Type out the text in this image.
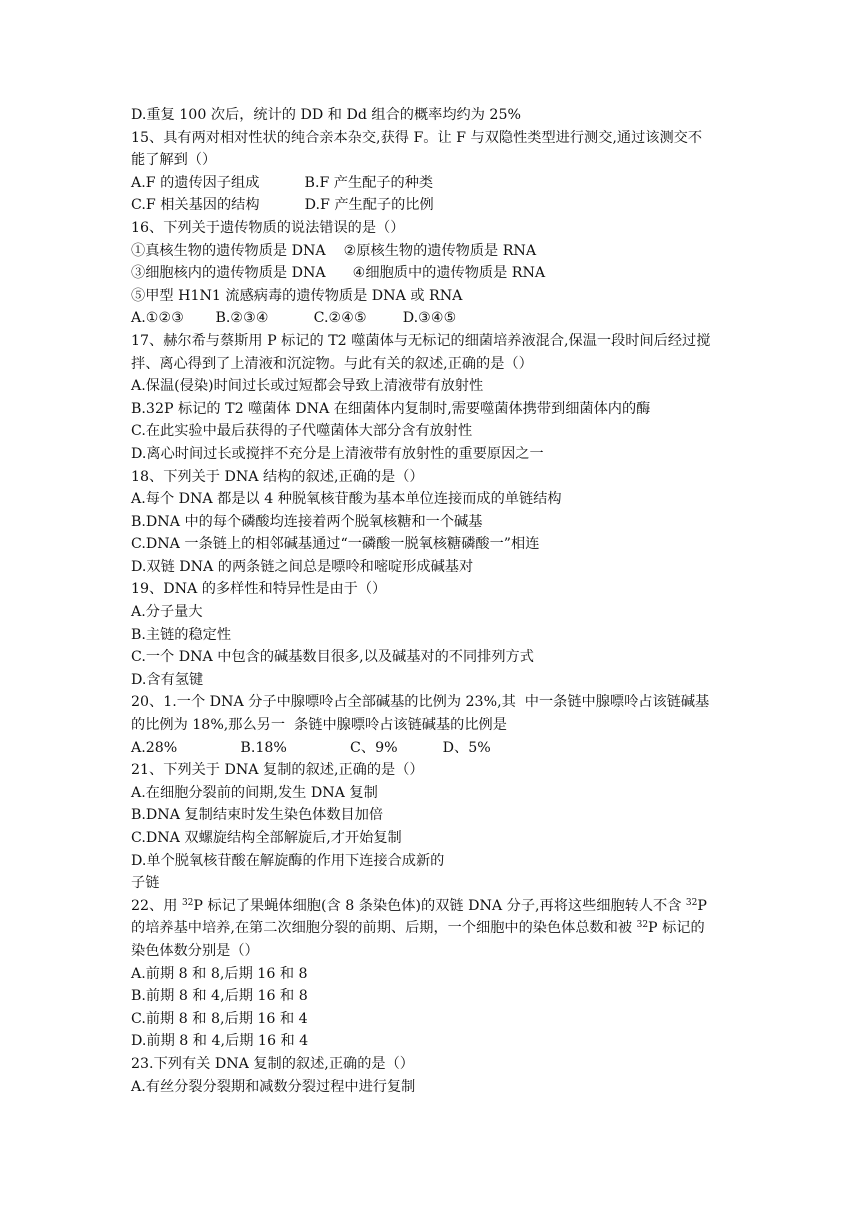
D.重复 100 次后，统计的 DD 和 Dd 组合的概率均约为 25%
15、具有两对相对性状的纯合亲本杂交,获得 F。让 F 与双隐性类型进行测交,通过该测交不
能了解到（）
A.F 的遗传因子组成          B.F 产生配子的种类
C.F 相关基因的结构          D.F 产生配子的比例
16、下列关于遗传物质的说法错误的是（）
①真核生物的遗传物质是 DNA    ②原核生物的遗传物质是 RNA
③细胞核内的遗传物质是 DNA      ④细胞质中的遗传物质是 RNA
⑤甲型 H1N1 流感病毒的遗传物质是 DNA 或 RNA
A.①②③       B.②③④          C.②④⑤        D.③④⑤
17、赫尔希与蔡斯用 P 标记的 T2 噬菌体与无标记的细菌培养液混合,保温一段时间后经过搅
拌、离心得到了上清液和沉淀物。与此有关的叙述,正确的是（）
A.保温(侵染)时间过长或过短都会导致上清液带有放射性
B.32P 标记的 T2 噬菌体 DNA 在细菌体内复制时,需要噬菌体携带到细菌体内的酶
C.在此实验中最后获得的子代噬菌体大部分含有放射性
D.离心时间过长或搅拌不充分是上清液带有放射性的重要原因之一
18、下列关于 DNA 结构的叙述,正确的是（）
A.每个 DNA 都是以 4 种脱氧核苷酸为基本单位连接而成的单链结构
B.DNA 中的每个磷酸均连接着两个脱氧核糖和一个碱基
C.DNA 一条链上的相邻碱基通过“一磷酸一脱氧核糖磷酸一”相连
D.双链 DNA 的两条链之间总是嘌呤和嘧啶形成碱基对
19、DNA 的多样性和特异性是由于（）
A.分子量大
B.主链的稳定性
C.一个 DNA 中包含的碱基数目很多,以及碱基对的不同排列方式
D.含有氢键
20、1.一个 DNA 分子中腺嘌呤占全部碱基的比例为 23%,其  中一条链中腺嘌呤占该链碱基
的比例为 18%,那么另一  条链中腺嘌呤占该链碱基的比例是
A.28%              B.18%              C、9%          D、5%
21、下列关于 DNA 复制的叙述,正确的是（）
A.在细胞分裂前的间期,发生 DNA 复制
B.DNA 复制结束时发生染色体数目加倍
C.DNA 双螺旋结构全部解旋后,才开始复制
D.单个脱氧核苷酸在解旋酶的作用下连接合成新的
子链
22、用 $^{32}$P 标记了果蝇体细胞(含 8 条染色体)的双链 DNA 分子,再将这些细胞转人不含 $^{32}$P
的培养基中培养,在第二次细胞分裂的前期、后期，一个细胞中的染色体总数和被 $^{32}$P 标记的
染色体数分别是（）
A.前期 8 和 8,后期 16 和 8
B.前期 8 和 4,后期 16 和 8
C.前期 8 和 8,后期 16 和 4
D.前期 8 和 4,后期 16 和 4
23.下列有关 DNA 复制的叙述,正确的是（）
A.有丝分裂分裂期和减数分裂过程中进行复制
